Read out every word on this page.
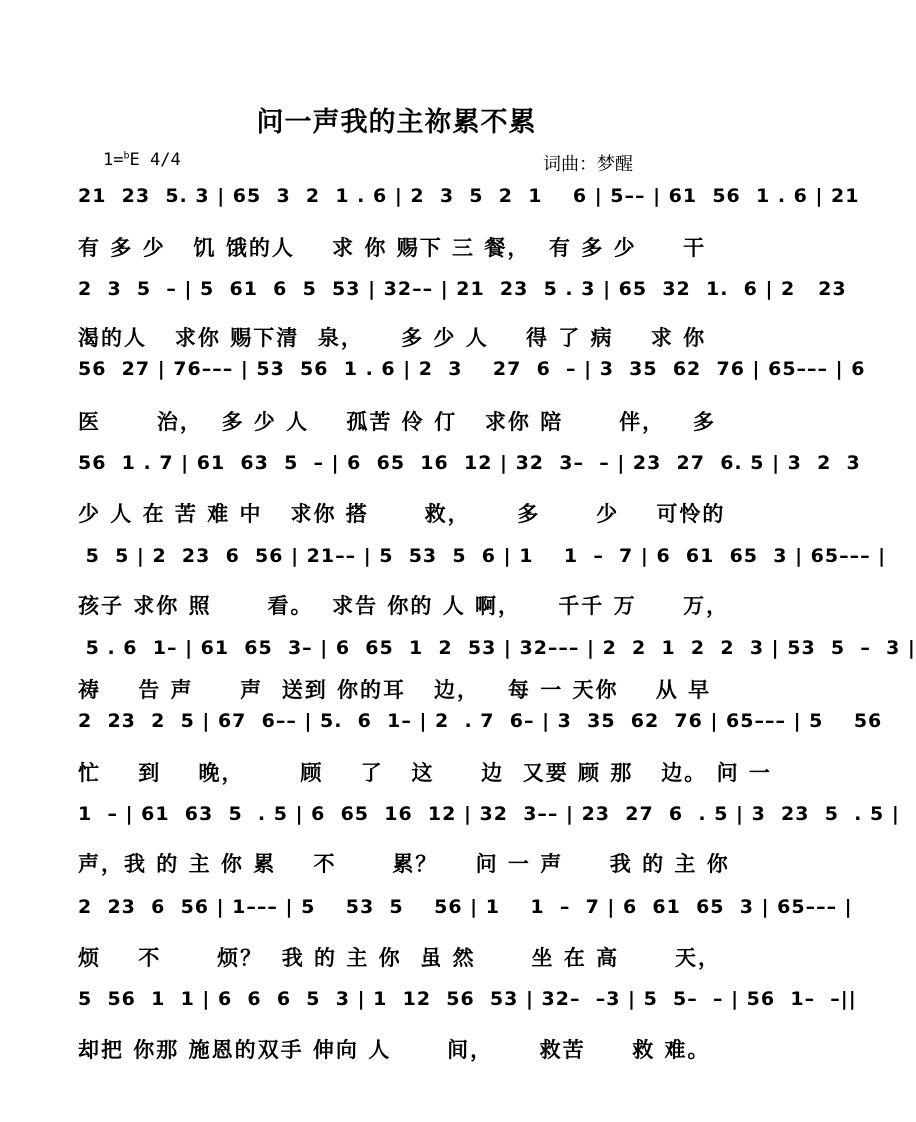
问一声我的主祢累不累
1=$^b$E 4/4	词曲：梦醒
21  23  5. 3 | 65  3  2  1 . 6 | 2  3  5  2  1    6 | 5–– | 61  56  1 . 6 | 21
有 多 少   饥 饿的人    求 你 赐下 三 餐，  有 多 少     干
2  3  5  – | 5  61  6  5  53 | 32–– | 21  23  5 . 3 | 65  32  1.  6 | 2   23
渴的人   求你 赐下清  泉，    多 少 人    得 了 病    求 你
56  27 | 76––– | 53  56  1 . 6 | 2  3    27  6  – | 3  35  62  76 | 65––– | 6
医      治，  多 少 人    孤苦 伶 仃   求你 陪      伴，   多
56  1 . 7 | 61  63  5  – | 6  65  16  12 | 32  3–  – | 23  27  6. 5 | 3  2  3
少 人 在 苦 难 中   求你 搭      救，     多      少    可怜的
5  5 | 2  23  6  56 | 21–– | 5  53  5  6 | 1    1  –  7 | 6  61  65  3 | 65––– |
孩子 求你 照      看。  求告 你的 人 啊，    千千 万     万，
5 . 6  1– | 61  65  3– | 6  65  1  2  53 | 32––– | 2  2  1  2  2  3 | 53  5  –  3 |
祷    告 声     声  送到 你的耳   边，   每 一 天你    从 早
2  23  2  5 | 67  6–– | 5.  6  1– | 2  . 7  6– | 3  35  62  76 | 65––– | 5    56
忙    到    晚，      顾    了   这     边  又要 顾 那   边。 问 一
1  – | 61  63  5  . 5 | 6  65  16  12 | 32  3–– | 23  27  6  . 5 | 3  23  5  . 5 |
声，我 的 主 你 累    不      累？    问 一 声     我 的 主 你
2  23  6  56 | 1––– | 5    53  5    56 | 1    1  –  7 | 6  61  65  3 | 65––– |
烦    不      烦？  我 的 主 你  虽 然      坐 在 高      天，
5  56  1  1 | 6  6  6  5  3 | 1  12  56  53 | 32–  –3 | 5  5–  – | 56  1–  –||
却把 你那 施恩的双手 伸向 人      间，     救苦     救 难。
